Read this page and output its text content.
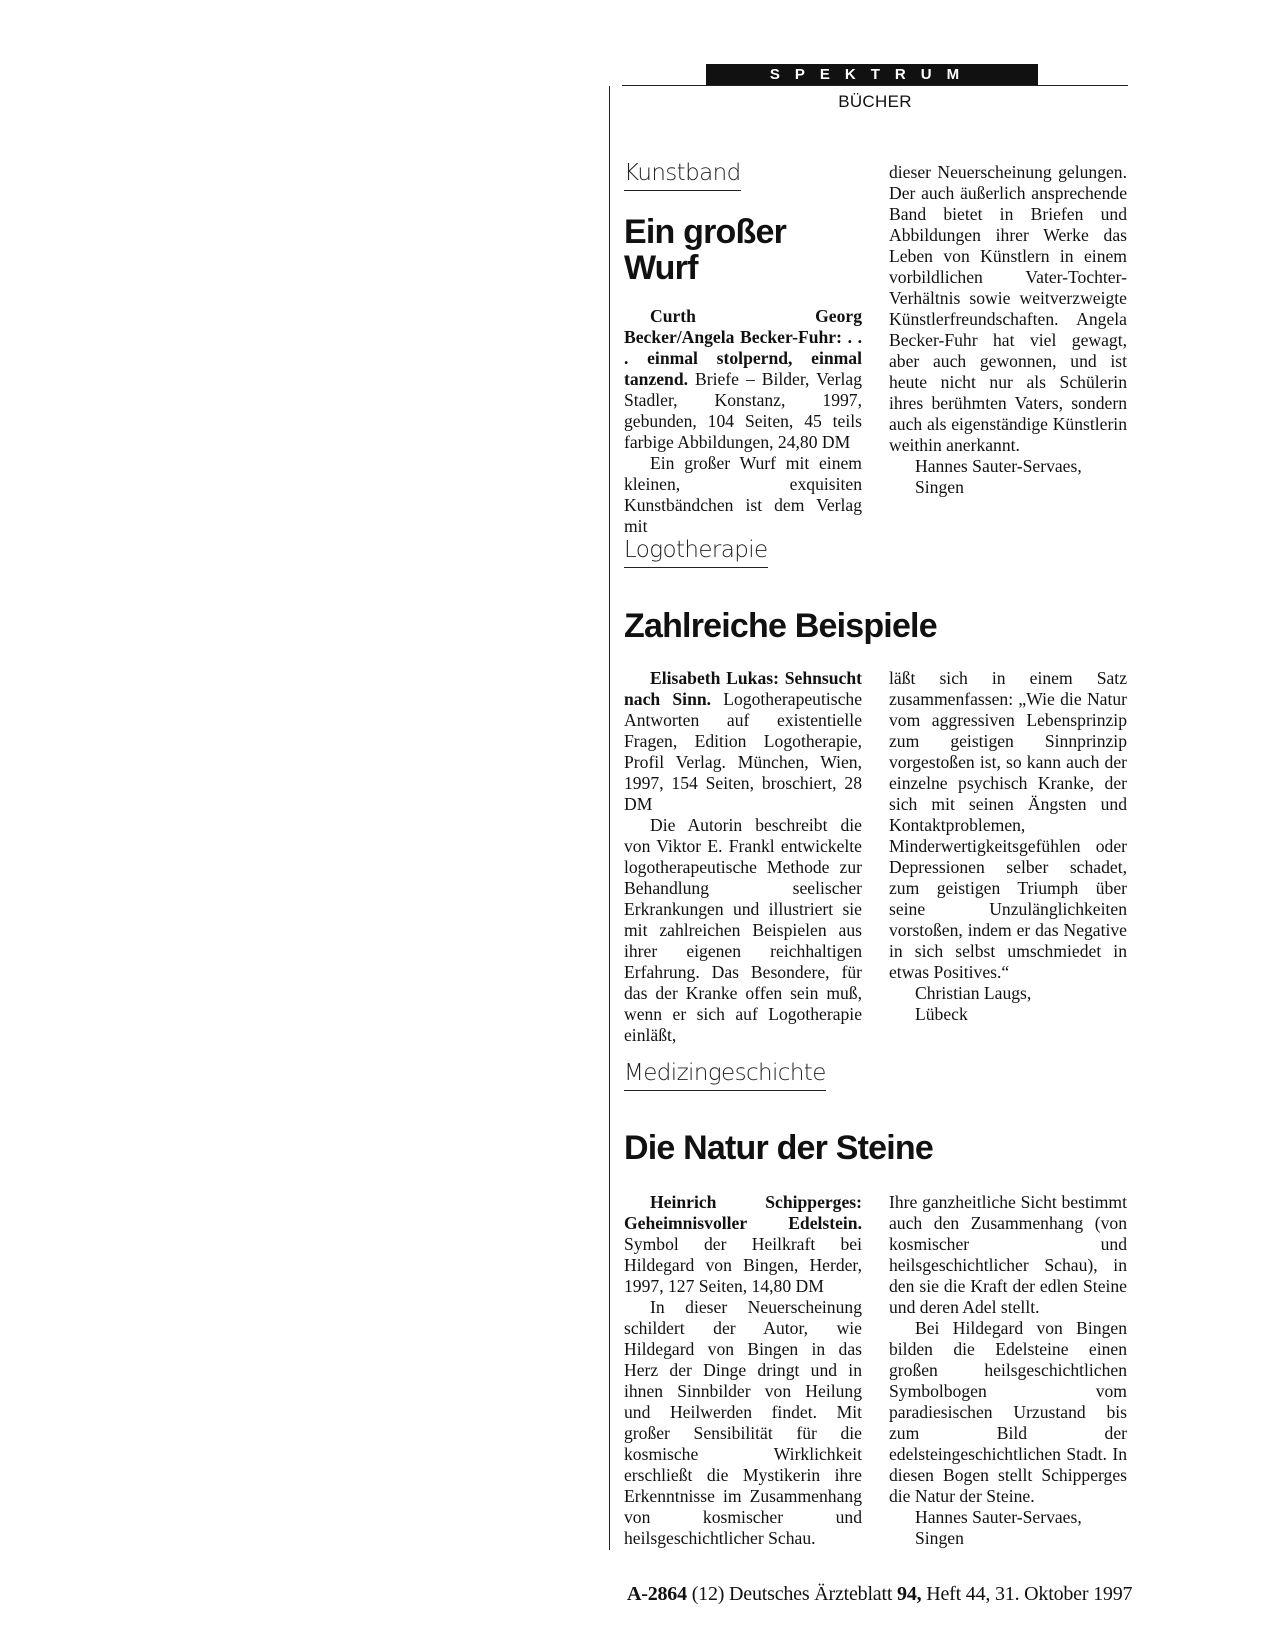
SPEKTRUM
BÜCHER
Kunstband
Ein großer
Wurf

Curth Georg Becker/Angela Becker-Fuhr: . . . einmal stolpernd, einmal tanzend. Briefe – Bilder, Verlag Stadler, Konstanz, 1997, gebunden, 104 Seiten, 45 teils farbige Abbildungen, 24,80 DM

Ein großer Wurf mit einem kleinen, exquisiten Kunstbändchen ist dem Verlag mit

dieser Neuerscheinung gelungen. Der auch äußerlich ansprechende Band bietet in Briefen und Abbildungen ihrer Werke das Leben von Künstlern in einem vorbildlichen Vater-Tochter-Verhältnis sowie weitverzweigte Künstlerfreundschaften. Angela Becker-Fuhr hat viel gewagt, aber auch gewonnen, und ist heute nicht nur als Schülerin ihres berühmten Vaters, sondern auch als eigenständige Künstlerin weithin anerkannt.

Hannes Sauter-Servaes,
Singen
Logotherapie
Zahlreiche Beispiele

Elisabeth Lukas: Sehnsucht nach Sinn. Logotherapeutische Antworten auf existentielle Fragen, Edition Logotherapie, Profil Verlag. München, Wien, 1997, 154 Seiten, broschiert, 28 DM

Die Autorin beschreibt die von Viktor E. Frankl entwickelte logotherapeutische Methode zur Behandlung seelischer Erkrankungen und illustriert sie mit zahlreichen Beispielen aus ihrer eigenen reichhaltigen Erfahrung. Das Besondere, für das der Kranke offen sein muß, wenn er sich auf Logotherapie einläßt,

läßt sich in einem Satz zusammenfassen: „Wie die Natur vom aggressiven Lebensprinzip zum geistigen Sinnprinzip vorgestoßen ist, so kann auch der einzelne psychisch Kranke, der sich mit seinen Ängsten und Kontaktproblemen, Minderwertigkeitsgefühlen oder Depressionen selber schadet, zum geistigen Triumph über seine Unzulänglichkeiten vorstoßen, indem er das Negative in sich selbst umschmiedet in etwas Positives.“

Christian Laugs,
Lübeck
Medizingeschichte
Die Natur der Steine

Heinrich Schipperges: Geheimnisvoller Edelstein. Symbol der Heilkraft bei Hildegard von Bingen, Herder, 1997, 127 Seiten, 14,80 DM

In dieser Neuerscheinung schildert der Autor, wie Hildegard von Bingen in das Herz der Dinge dringt und in ihnen Sinnbilder von Heilung und Heilwerden findet. Mit großer Sensibilität für die kosmische Wirklichkeit erschließt die Mystikerin ihre Erkenntnisse im Zusammenhang von kosmischer und heilsgeschichtlicher Schau.

Ihre ganzheitliche Sicht bestimmt auch den Zusammenhang (von kosmischer und heilsgeschichtlicher Schau), in den sie die Kraft der edlen Steine und deren Adel stellt.

Bei Hildegard von Bingen bilden die Edelsteine einen großen heilsgeschichtlichen Symbolbogen vom paradiesischen Urzustand bis zum Bild der edelsteingeschichtlichen Stadt. In diesen Bogen stellt Schipperges die Natur der Steine.

Hannes Sauter-Servaes,
Singen
A-2864 (12) Deutsches Ärzteblatt 94, Heft 44, 31. Oktober 1997
